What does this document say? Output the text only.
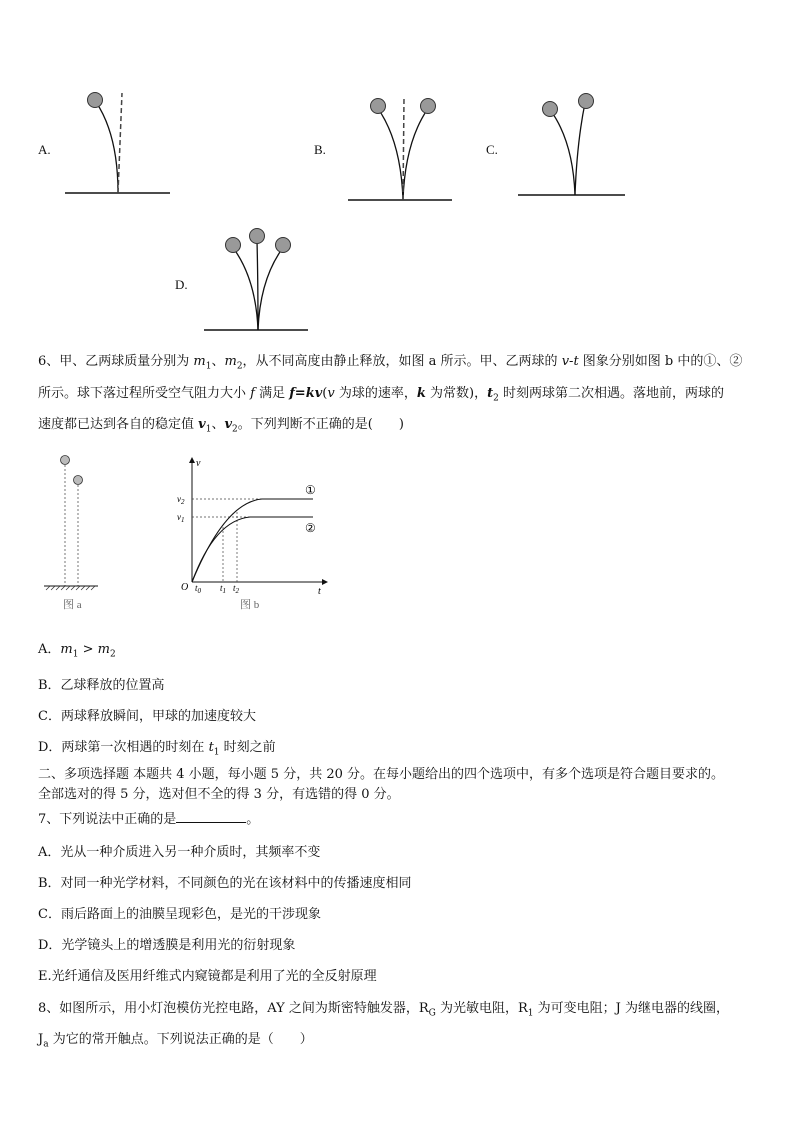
A.	B.	C.
D.
6、甲、乙两球质量分别为 $m_1$、$m_2$，从不同高度由静止释放，如图 a 所示。甲、乙两球的 v-t 图象分别如图 b 中的①、②
所示。球下落过程所受空气阻力大小 f 满足 f=kv(v 为球的速率，k 为常数)，$t_2$ 时刻两球第二次相遇。落地前，两球的
速度都已达到各自的稳定值 $v_1$、$v_2$。下列判断不正确的是(　　)
图 a
v
t
O
$v_2$
$v_1$
$t_0$ $t_1$ $t_2$
①
②
图 b
A．$m_1 > m_2$
B．乙球释放的位置高
C．两球释放瞬间，甲球的加速度较大
D．两球第一次相遇的时刻在 $t_1$ 时刻之前
二、多项选择题 本题共 4 小题，每小题 5 分，共 20 分。在每小题给出的四个选项中，有多个选项是符合题目要求的。
全部选对的得 5 分，选对但不全的得 3 分，有选错的得 0 分。
7、下列说法中正确的是	。
A．光从一种介质进入另一种介质时，其频率不变
B．对同一种光学材料，不同颜色的光在该材料中的传播速度相同
C．雨后路面上的油膜呈现彩色，是光的干涉现象
D．光学镜头上的增透膜是利用光的衍射现象
E.光纤通信及医用纤维式内窥镜都是利用了光的全反射原理
8、如图所示，用小灯泡模仿光控电路，AY 之间为斯密特触发器，$R_G$ 为光敏电阻，$R_1$ 为可变电阻；J 为继电器的线圈，
$J_a$ 为它的常开触点。下列说法正确的是（　　）
